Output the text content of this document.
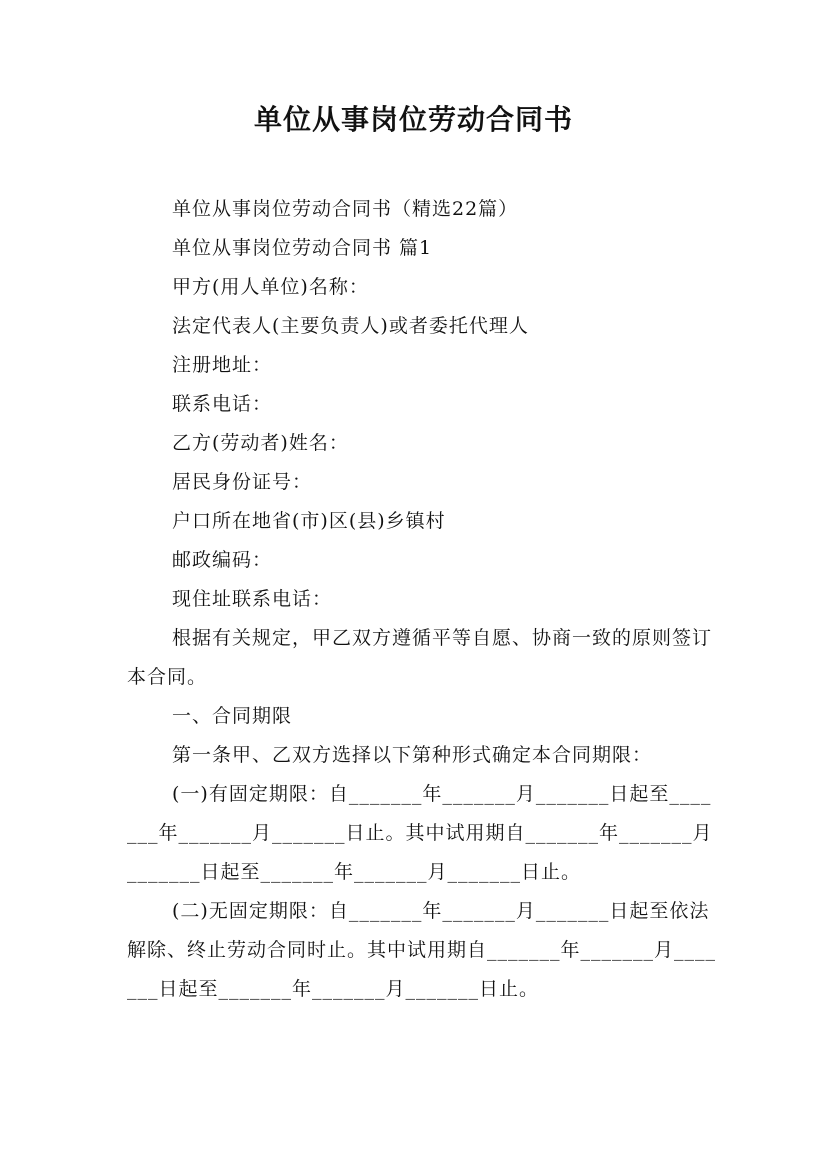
单位从事岗位劳动合同书

单位从事岗位劳动合同书（精选22篇）

单位从事岗位劳动合同书 篇1

甲方(用人单位)名称：

法定代表人(主要负责人)或者委托代理人

注册地址：

联系电话：

乙方(劳动者)姓名：

居民身份证号：

户口所在地省(市)区(县)乡镇村

邮政编码：

现住址联系电话：

根据有关规定，甲乙双方遵循平等自愿、协商一致的原则签订本合同。

一、合同期限

第一条甲、乙双方选择以下第种形式确定本合同期限：

(一)有固定期限：自_______年_______月_______日起至_______年_______月_______日止。其中试用期自_______年_______月_______日起至_______年_______月_______日止。

(二)无固定期限：自_______年_______月_______日起至依法解除、终止劳动合同时止。其中试用期自_______年_______月_______日起至_______年_______月_______日止。
